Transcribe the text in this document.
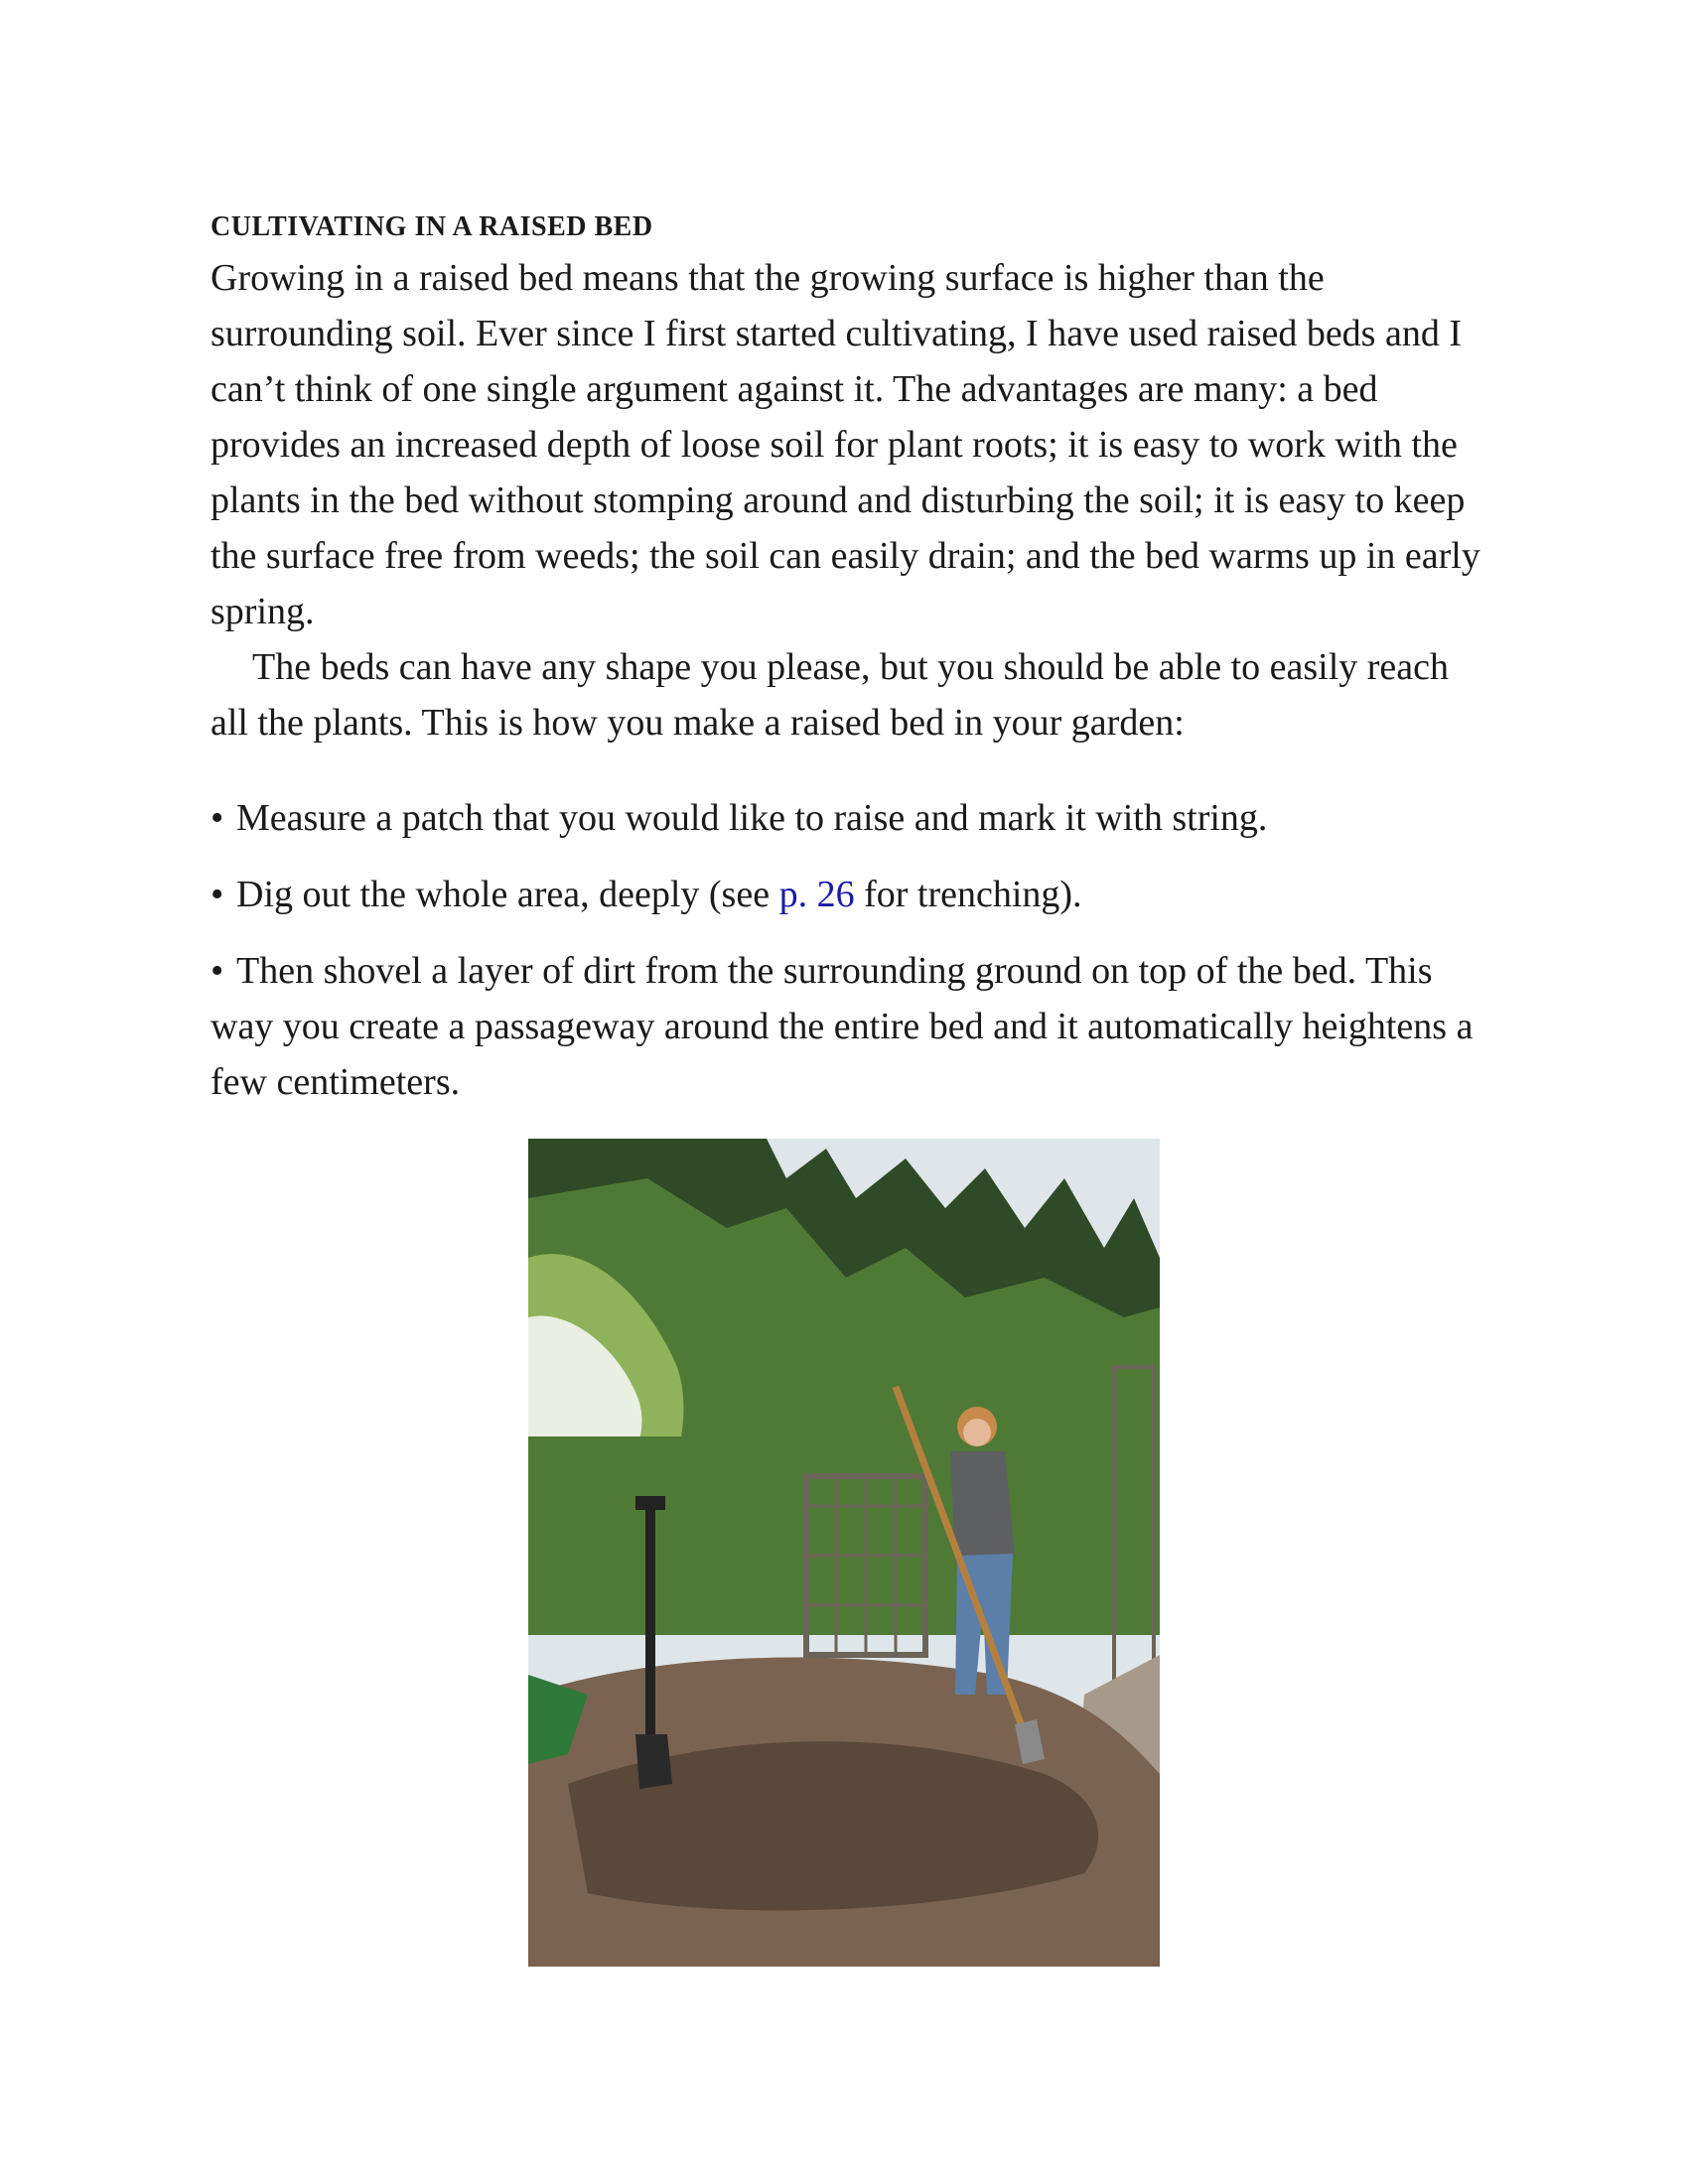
CULTIVATING IN A RAISED BED

Growing in a raised bed means that the growing surface is higher than the surrounding soil. Ever since I first started cultivating, I have used raised beds and I can’t think of one single argument against it. The advantages are many: a bed provides an increased depth of loose soil for plant roots; it is easy to work with the plants in the bed without stomping around and disturbing the soil; it is easy to keep the surface free from weeds; the soil can easily drain; and the bed warms up in early spring.

The beds can have any shape you please, but you should be able to easily reach all the plants. This is how you make a raised bed in your garden:

• Measure a patch that you would like to raise and mark it with string.
• Dig out the whole area, deeply (see p. 26 for trenching).
• Then shovel a layer of dirt from the surrounding ground on top of the bed. This way you create a passageway around the entire bed and it automatically heightens a few centimeters.
